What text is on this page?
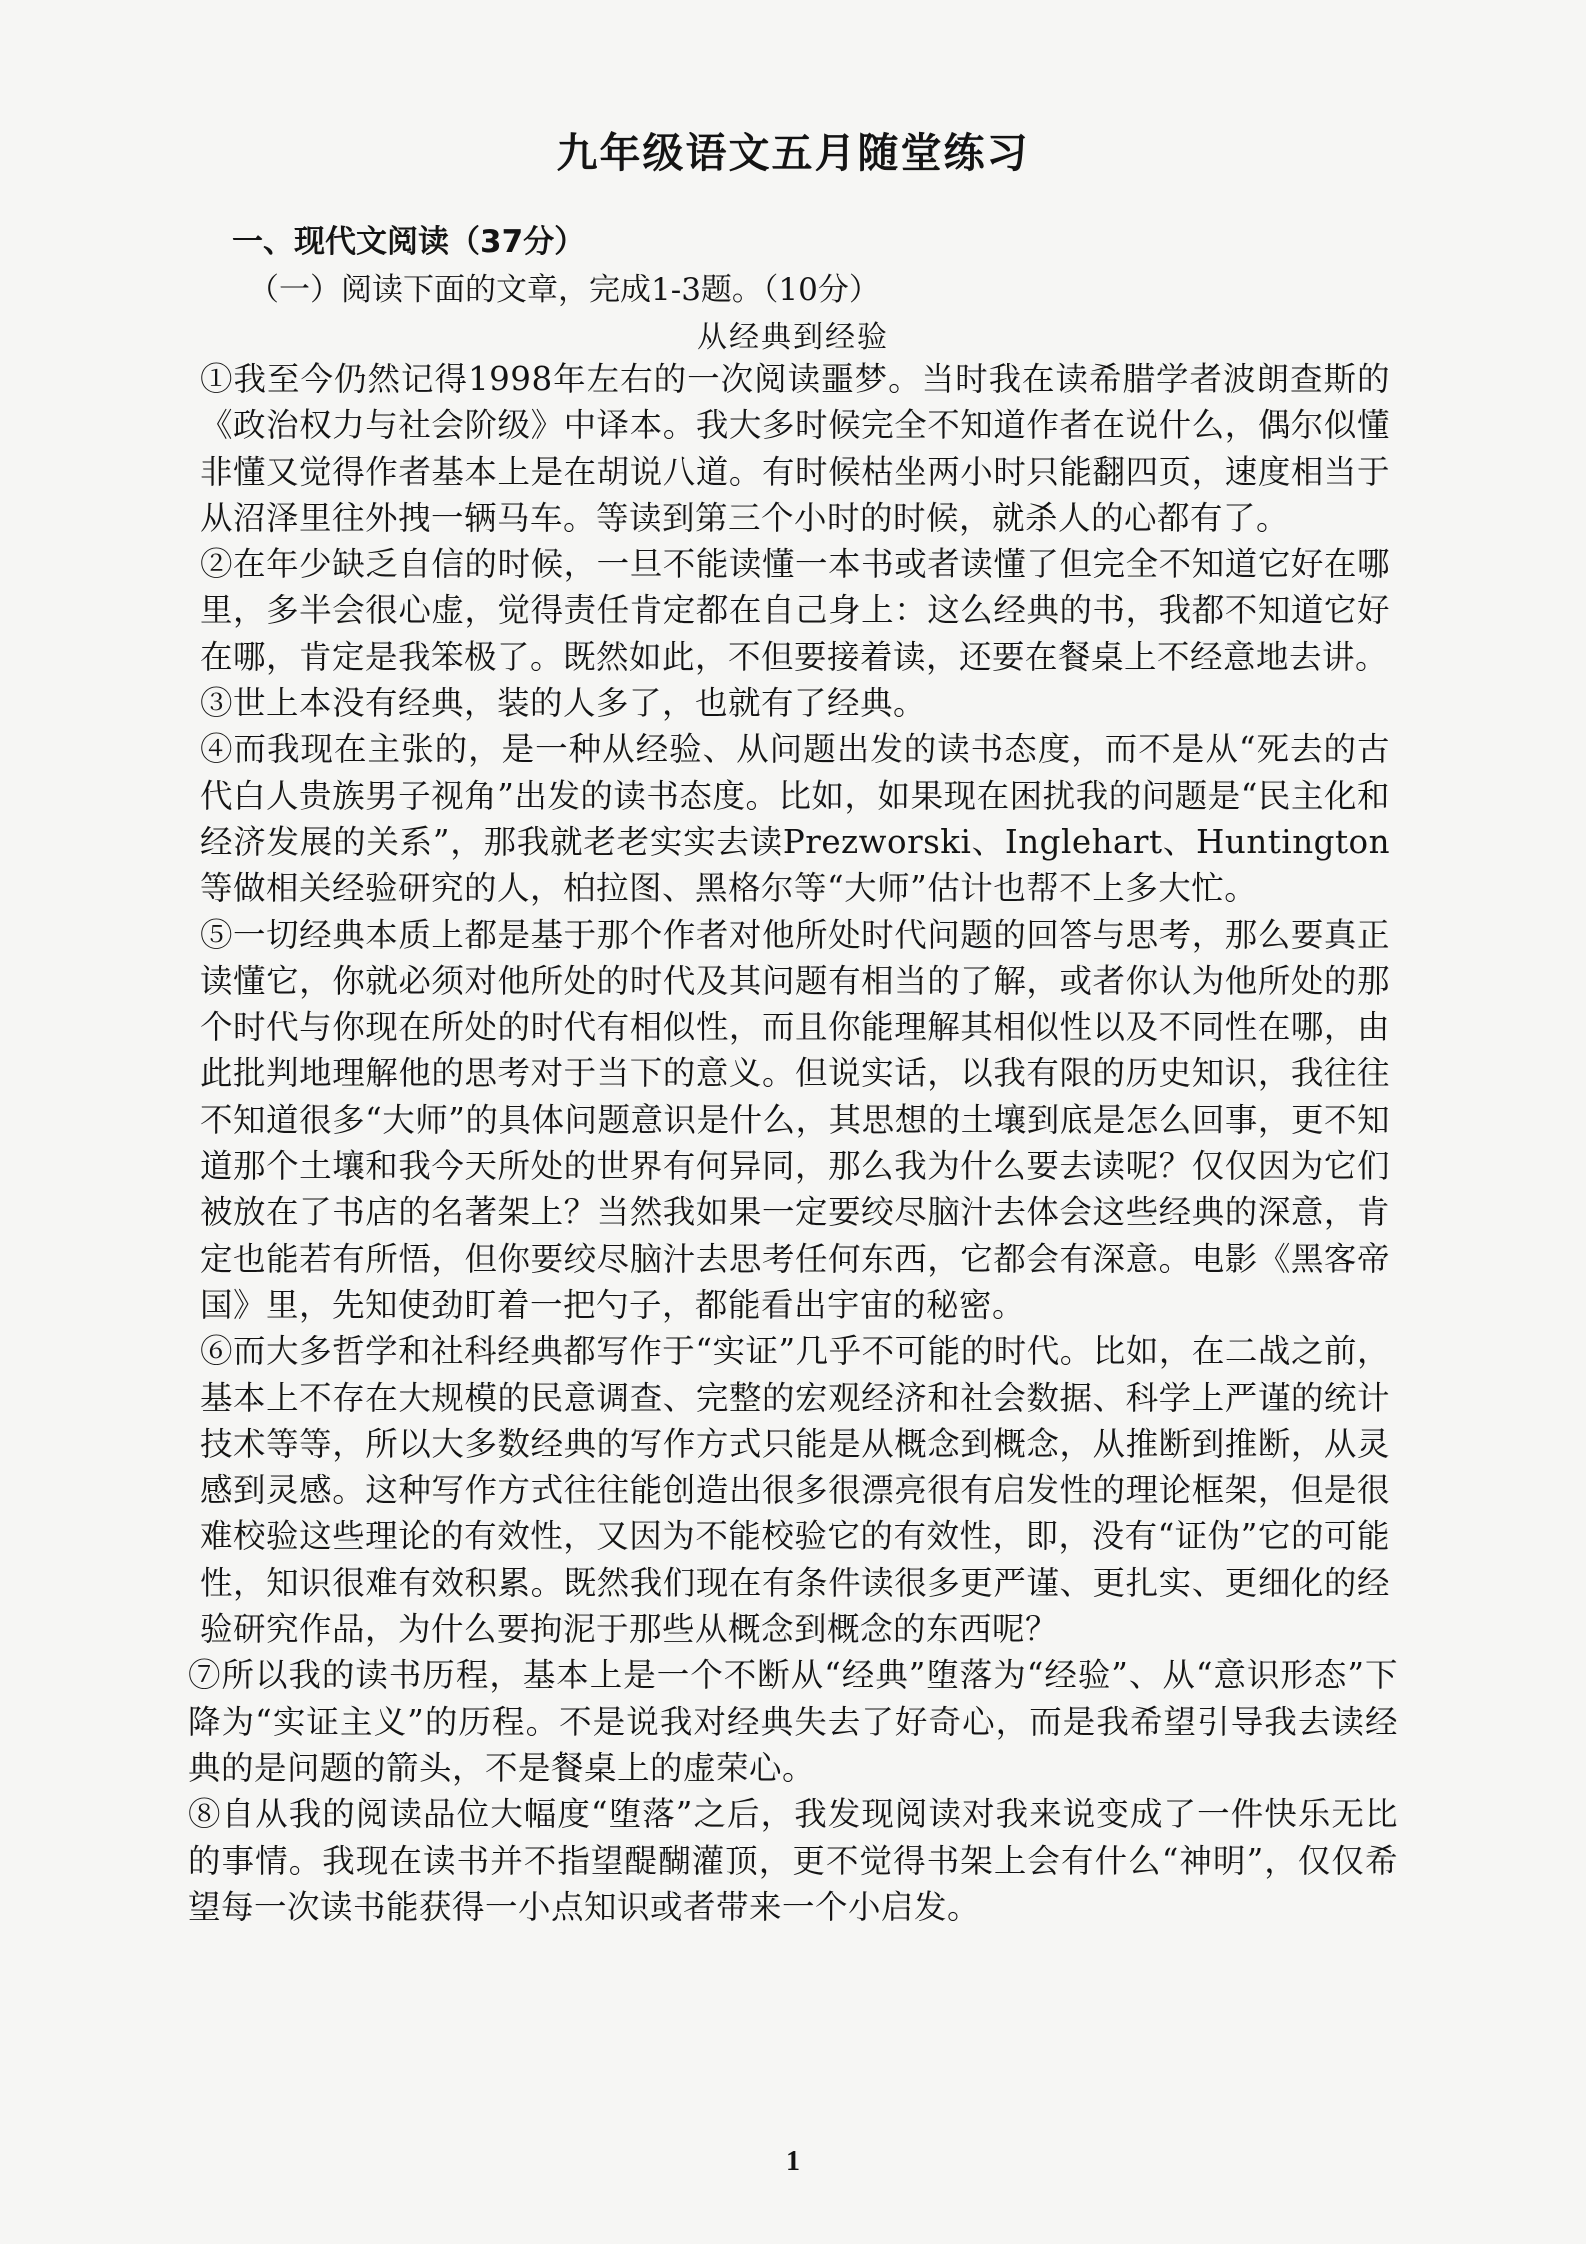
九年级语文五月随堂练习
一、现代文阅读（37分）
（一）阅读下面的文章，完成1-3题。（10分）
从经典到经验

①我至今仍然记得1998年左右的一次阅读噩梦。当时我在读希腊学者波朗查斯的《政治权力与社会阶级》中译本。我大多时候完全不知道作者在说什么，偶尔似懂非懂又觉得作者基本上是在胡说八道。有时候枯坐两小时只能翻四页，速度相当于从沼泽里往外拽一辆马车。等读到第三个小时的时候，就杀人的心都有了。

②在年少缺乏自信的时候，一旦不能读懂一本书或者读懂了但完全不知道它好在哪里，多半会很心虚，觉得责任肯定都在自己身上：这么经典的书，我都不知道它好在哪，肯定是我笨极了。既然如此，不但要接着读，还要在餐桌上不经意地去讲。

③世上本没有经典，装的人多了，也就有了经典。

④而我现在主张的，是一种从经验、从问题出发的读书态度，而不是从“死去的古代白人贵族男子视角”出发的读书态度。比如，如果现在困扰我的问题是“民主化和经济发展的关系”，那我就老老实实去读Prezworski、Inglehart、Huntington等做相关经验研究的人，柏拉图、黑格尔等“大师”估计也帮不上多大忙。

⑤一切经典本质上都是基于那个作者对他所处时代问题的回答与思考，那么要真正读懂它，你就必须对他所处的时代及其问题有相当的了解，或者你认为他所处的那个时代与你现在所处的时代有相似性，而且你能理解其相似性以及不同性在哪，由此批判地理解他的思考对于当下的意义。但说实话，以我有限的历史知识，我往往不知道很多“大师”的具体问题意识是什么，其思想的土壤到底是怎么回事，更不知道那个土壤和我今天所处的世界有何异同，那么我为什么要去读呢？仅仅因为它们被放在了书店的名著架上？当然我如果一定要绞尽脑汁去体会这些经典的深意，肯定也能若有所悟，但你要绞尽脑汁去思考任何东西，它都会有深意。电影《黑客帝国》里，先知使劲盯着一把勺子，都能看出宇宙的秘密。

⑥而大多哲学和社科经典都写作于“实证”几乎不可能的时代。比如，在二战之前，基本上不存在大规模的民意调查、完整的宏观经济和社会数据、科学上严谨的统计技术等等，所以大多数经典的写作方式只能是从概念到概念，从推断到推断，从灵感到灵感。这种写作方式往往能创造出很多很漂亮很有启发性的理论框架，但是很难校验这些理论的有效性，又因为不能校验它的有效性，即，没有“证伪”它的可能性，知识很难有效积累。既然我们现在有条件读很多更严谨、更扎实、更细化的经验研究作品，为什么要拘泥于那些从概念到概念的东西呢？

⑦所以我的读书历程，基本上是一个不断从“经典”堕落为“经验”、从“意识形态”下降为“实证主义”的历程。不是说我对经典失去了好奇心，而是我希望引导我去读经典的是问题的箭头，不是餐桌上的虚荣心。

⑧自从我的阅读品位大幅度“堕落”之后，我发现阅读对我来说变成了一件快乐无比的事情。我现在读书并不指望醍醐灌顶，更不觉得书架上会有什么“神明”，仅仅希望每一次读书能获得一小点知识或者带来一个小启发。

1
